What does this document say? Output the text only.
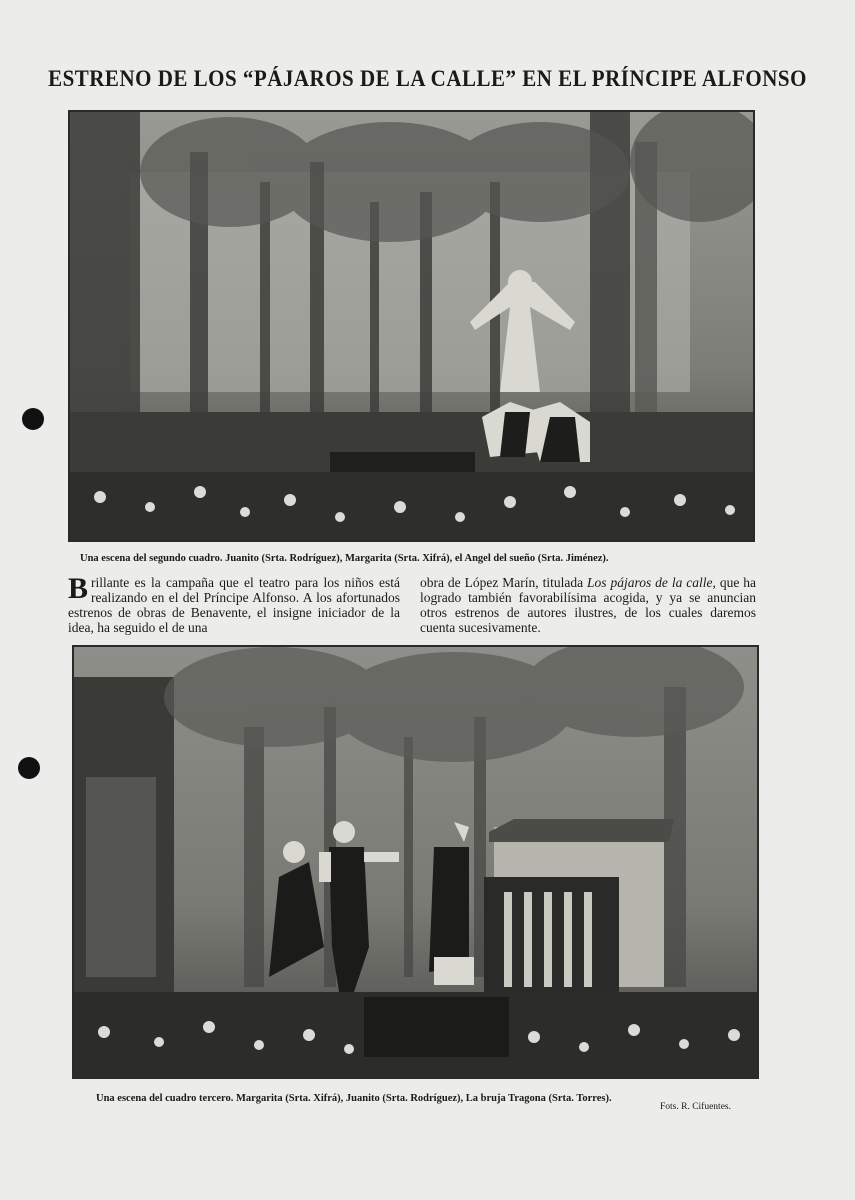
ESTRENO DE LOS “PÁJAROS DE LA CALLE” EN EL PRÍNCIPE ALFONSO
Una escena del segundo cuadro. Juanito (Srta. Rodríguez), Margarita (Srta. Xifrá), el Angel del sueño (Srta. Jiménez).
Brillante es la campaña que el teatro para los niños está realizando en el del Príncipe Alfonso. A los afortunados estrenos de obras de Benavente, el insigne iniciador de la idea, ha seguido el de una
obra de López Marín, titulada Los pájaros de la calle, que ha logrado también favorabilísima acogida, y ya se anuncian otros estrenos de autores ilustres, de los cuales daremos cuenta sucesivamente.
Una escena del cuadro tercero. Margarita (Srta. Xifrá), Juanito (Srta. Rodríguez), La bruja Tragona (Srta. Torres).
Fots. R. Cifuentes.
